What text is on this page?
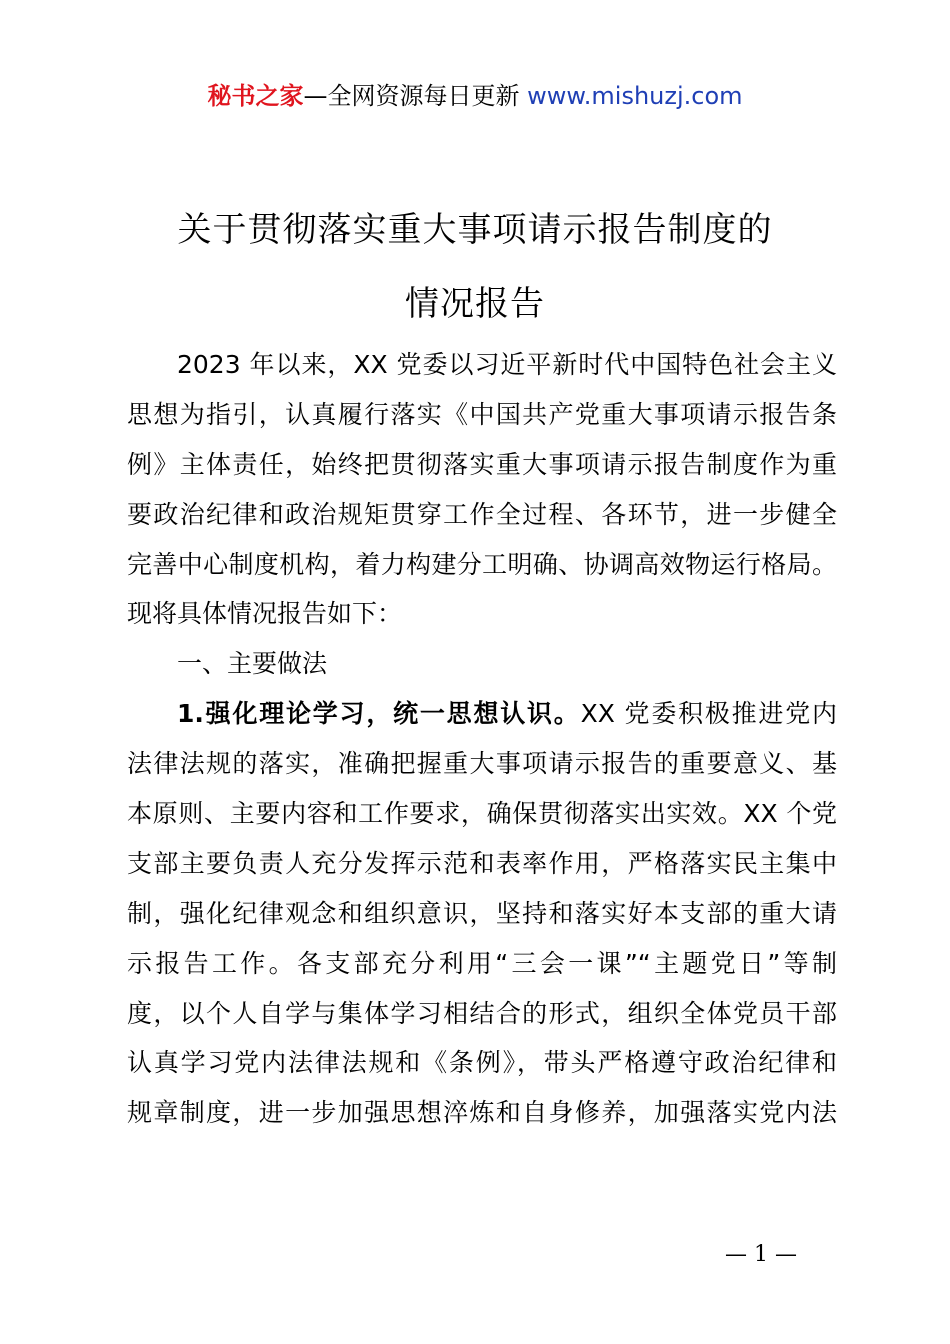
秘书之家—全网资源每日更新 www.mishuzj.com
关于贯彻落实重大事项请示报告制度的
情况报告
2023 年以来，XX 党委以习近平新时代中国特色社会主义
思想为指引，认真履行落实《中国共产党重大事项请示报告条
例》主体责任，始终把贯彻落实重大事项请示报告制度作为重
要政治纪律和政治规矩贯穿工作全过程、各环节，进一步健全
完善中心制度机构，着力构建分工明确、协调高效物运行格局。
现将具体情况报告如下：
一、主要做法
1.强化理论学习，统一思想认识。XX 党委积极推进党内
法律法规的落实，准确把握重大事项请示报告的重要意义、基
本原则、主要内容和工作要求，确保贯彻落实出实效。XX 个党
支部主要负责人充分发挥示范和表率作用，严格落实民主集中
制，强化纪律观念和组织意识，坚持和落实好本支部的重大请
示报告工作。各支部充分利用“三会一课”“主题党日”等制
度，以个人自学与集体学习相结合的形式，组织全体党员干部
认真学习党内法律法规和《条例》，带头严格遵守政治纪律和
规章制度，进一步加强思想淬炼和自身修养，加强落实党内法
— 1 —
